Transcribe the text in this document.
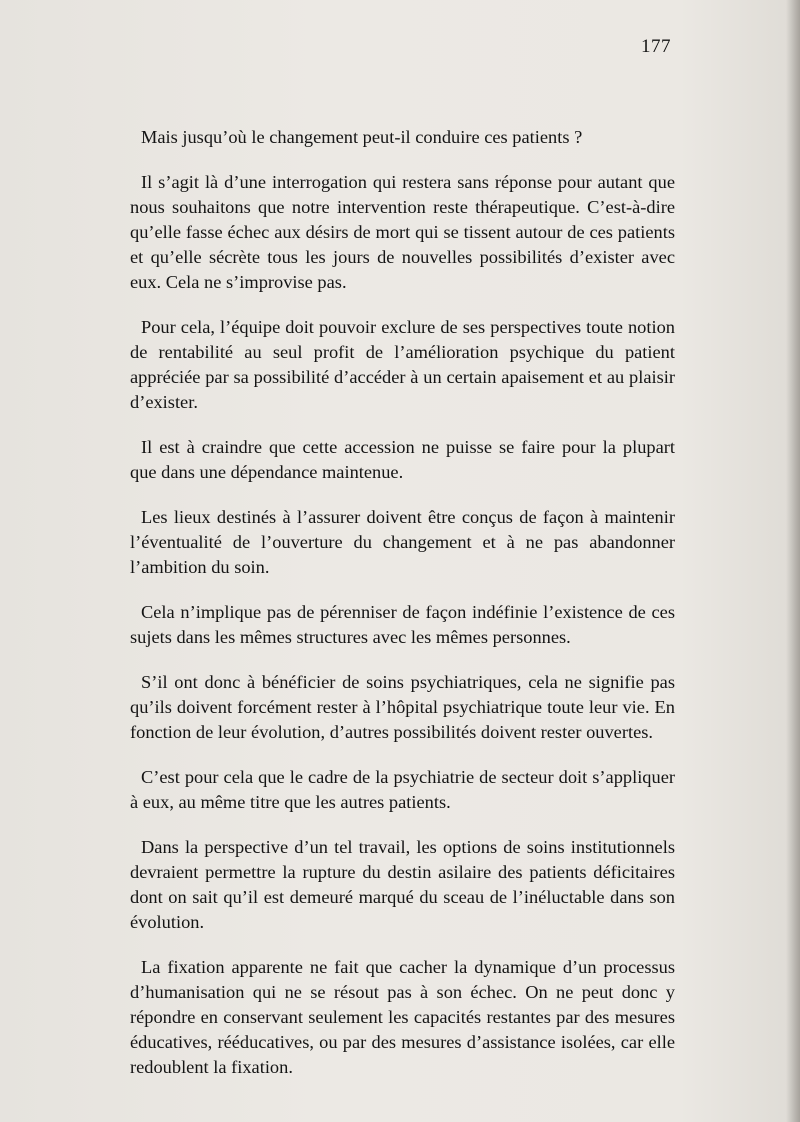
177

Mais jusqu’où le changement peut-il conduire ces patients ?

Il s’agit là d’une interrogation qui restera sans réponse pour autant que nous souhaitons que notre intervention reste thérapeutique. C’est-à-dire qu’elle fasse échec aux désirs de mort qui se tissent autour de ces patients et qu’elle sécrète tous les jours de nouvelles possibilités d’exister avec eux. Cela ne s’improvise pas.

Pour cela, l’équipe doit pouvoir exclure de ses perspectives toute notion de rentabilité au seul profit de l’amélioration psychique du patient appréciée par sa possibilité d’accéder à un certain apaisement et au plaisir d’exister.

Il est à craindre que cette accession ne puisse se faire pour la plupart que dans une dépendance maintenue.

Les lieux destinés à l’assurer doivent être conçus de façon à maintenir l’éventualité de l’ouverture du changement et à ne pas abandonner l’ambition du soin.

Cela n’implique pas de pérenniser de façon indéfinie l’existence de ces sujets dans les mêmes structures avec les mêmes personnes.

S’il ont donc à bénéficier de soins psychiatriques, cela ne signifie pas qu’ils doivent forcément rester à l’hôpital psychiatrique toute leur vie. En fonction de leur évolution, d’autres possibilités doivent rester ouvertes.

C’est pour cela que le cadre de la psychiatrie de secteur doit s’appliquer à eux, au même titre que les autres patients.

Dans la perspective d’un tel travail, les options de soins institutionnels devraient permettre la rupture du destin asilaire des patients déficitaires dont on sait qu’il est demeuré marqué du sceau de l’inéluctable dans son évolution.

La fixation apparente ne fait que cacher la dynamique d’un processus d’humanisation qui ne se résout pas à son échec. On ne peut donc y répondre en conservant seulement les capacités restantes par des mesures éducatives, rééducatives, ou par des mesures d’assistance isolées, car elle redoublent la fixation.
